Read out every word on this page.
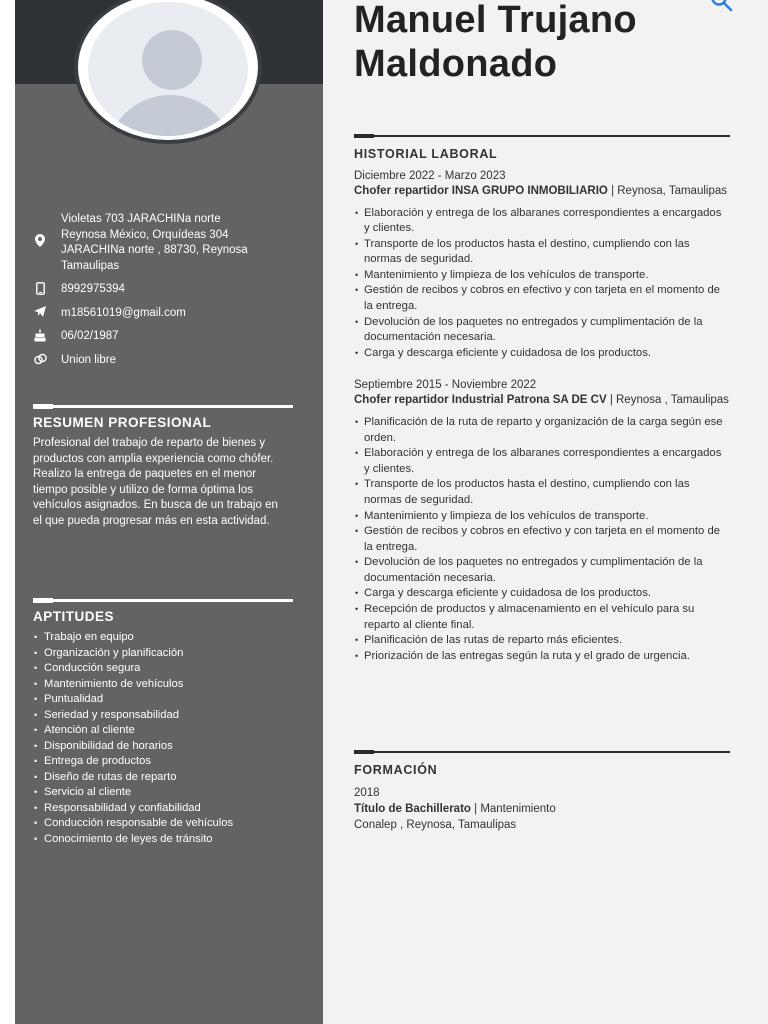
Violetas 703 JARACHINa norte
Reynosa México, Orquídeas 304
JARACHINa norte , 88730, Reynosa
Tamaulipas
8992975394
m18561019@gmail.com
06/02/1987
Union libre
RESUMEN PROFESIONAL
Profesional del trabajo de reparto de bienes y productos con amplia experiencia como chófer. Realizo la entrega de paquetes en el menor tiempo posible y utilizo de forma óptima los vehículos asignados. En busca de un trabajo en el que pueda progresar más en esta actividad.
APTITUDES
• Trabajo en equipo
• Organización y planificación
• Conducción segura
• Mantenimiento de vehículos
• Puntualidad
• Seriedad y responsabilidad
• Atención al cliente
• Disponibilidad de horarios
• Entrega de productos
• Diseño de rutas de reparto
• Servicio al cliente
• Responsabilidad y confiabilidad
• Conducción responsable de vehículos
• Conocimiento de leyes de tránsito
Manuel Trujano
Maldonado
HISTORIAL LABORAL
Diciembre 2022 - Marzo 2023
Chofer repartidor INSA GRUPO INMOBILIARIO | Reynosa, Tamaulipas
• Elaboración y entrega de los albaranes correspondientes a encargados y clientes.
• Transporte de los productos hasta el destino, cumpliendo con las normas de seguridad.
• Mantenimiento y limpieza de los vehículos de transporte.
• Gestión de recibos y cobros en efectivo y con tarjeta en el momento de la entrega.
• Devolución de los paquetes no entregados y cumplimentación de la documentación necesaria.
• Carga y descarga eficiente y cuidadosa de los productos.
Septiembre 2015 - Noviembre 2022
Chofer repartidor Industrial Patrona SA DE CV | Reynosa , Tamaulipas
• Planificación de la ruta de reparto y organización de la carga según ese orden.
• Elaboración y entrega de los albaranes correspondientes a encargados y clientes.
• Transporte de los productos hasta el destino, cumpliendo con las normas de seguridad.
• Mantenimiento y limpieza de los vehículos de transporte.
• Gestión de recibos y cobros en efectivo y con tarjeta en el momento de la entrega.
• Devolución de los paquetes no entregados y cumplimentación de la documentación necesaria.
• Carga y descarga eficiente y cuidadosa de los productos.
• Recepción de productos y almacenamiento en el vehículo para su reparto al cliente final.
• Planificación de las rutas de reparto más eficientes.
• Priorización de las entregas según la ruta y el grado de urgencia.
FORMACIÓN
2018
Título de Bachillerato | Mantenimiento
Conalep , Reynosa, Tamaulipas
